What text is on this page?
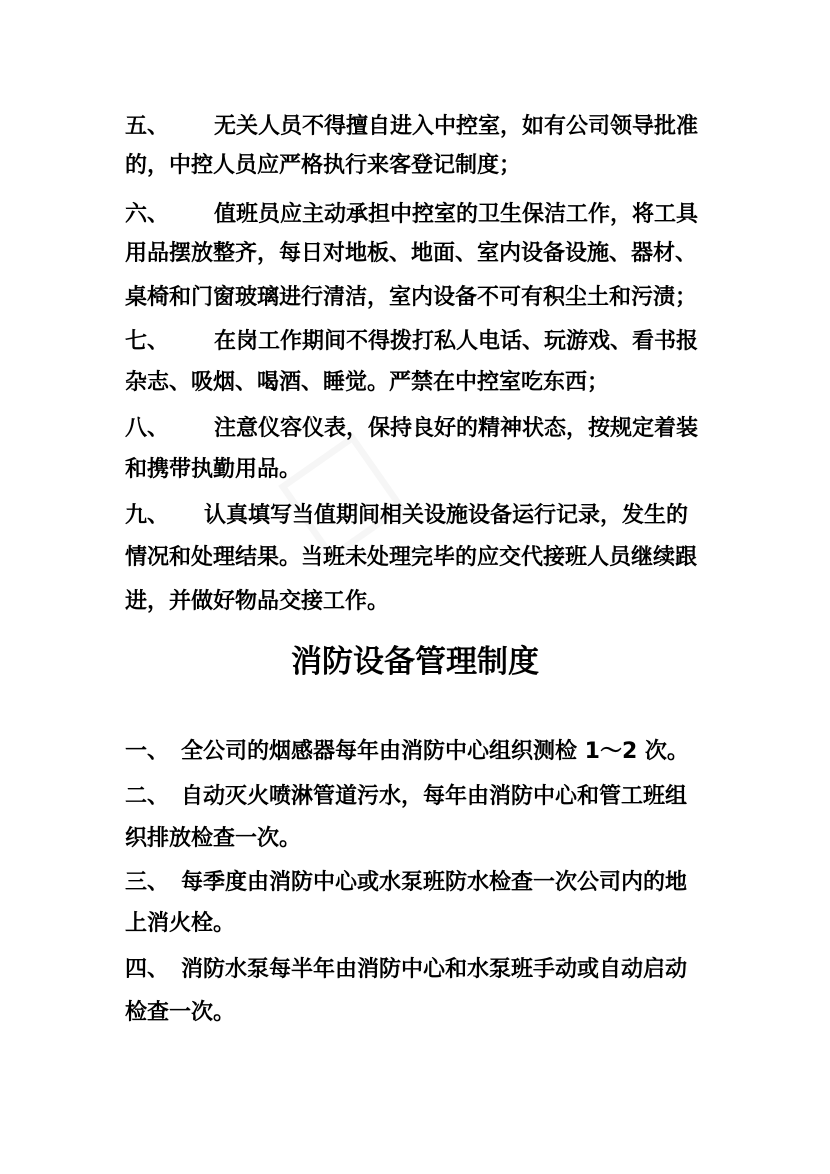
五、 无关人员不得擅自进入中控室，如有公司领导批准
的，中控人员应严格执行来客登记制度；
六、 值班员应主动承担中控室的卫生保洁工作，将工具
用品摆放整齐，每日对地板、地面、室内设备设施、器材、
桌椅和门窗玻璃进行清洁，室内设备不可有积尘土和污渍；
七、 在岗工作期间不得拨打私人电话、玩游戏、看书报
杂志、吸烟、喝酒、睡觉。严禁在中控室吃东西；
八、 注意仪容仪表，保持良好的精神状态，按规定着装
和携带执勤用品。
九、 认真填写当值期间相关设施设备运行记录，发生的
情况和处理结果。当班未处理完毕的应交代接班人员继续跟
进，并做好物品交接工作。
消防设备管理制度
一、 全公司的烟感器每年由消防中心组织测检 1～2 次。
二、 自动灭火喷淋管道污水，每年由消防中心和管工班组
织排放检查一次。
三、 每季度由消防中心或水泵班防水检查一次公司内的地
上消火栓。
四、 消防水泵每半年由消防中心和水泵班手动或自动启动
检查一次。
